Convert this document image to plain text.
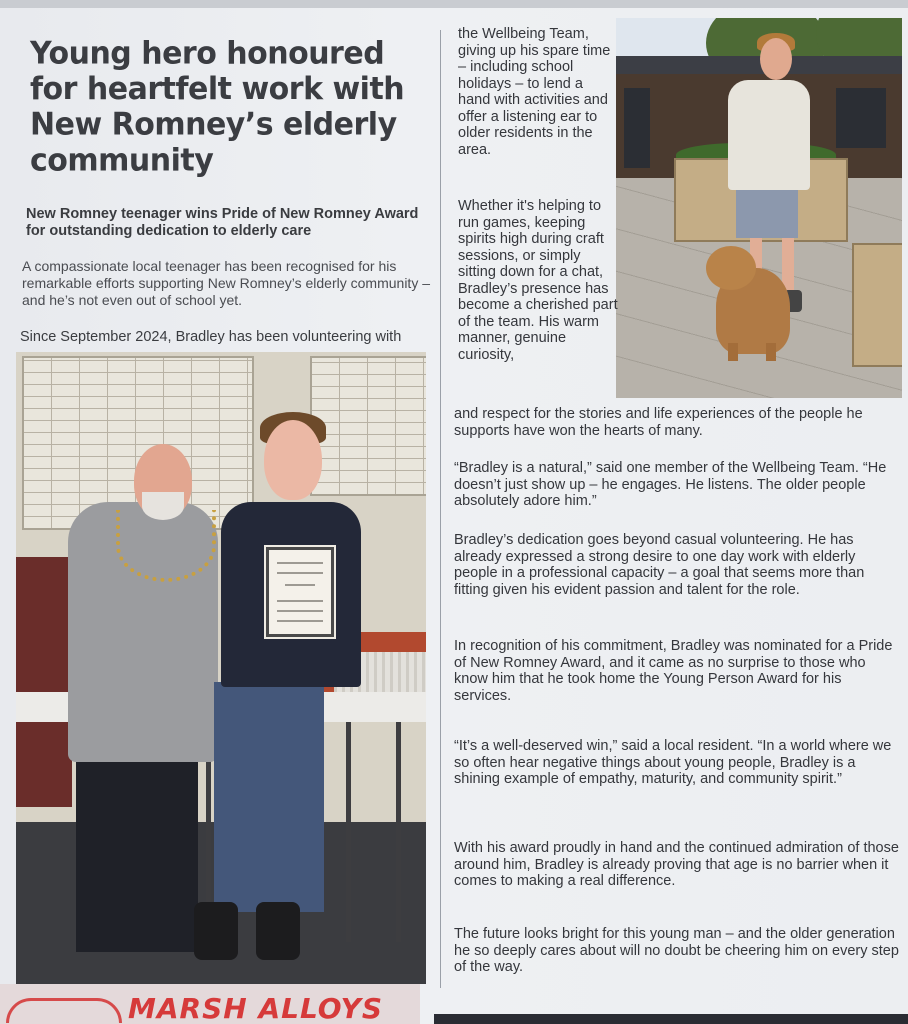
Young hero honoured for heartfelt work with New Romney’s elderly community
New Romney teenager wins Pride of New Romney Award for outstanding dedication to elderly care
A compassionate local teenager has been recognised for his remarkable efforts supporting New Romney’s elderly community – and he’s not even out of school yet.
Since September 2024, Bradley has been volunteering with

the Wellbeing Team, giving up his spare time – including school holidays – to lend a hand with activities and offer a listening ear to older residents in the area.

Whether it's helping to run games, keeping spirits high during craft sessions, or simply sitting down for a chat, Bradley’s presence has become a cherished part of the team. His warm manner, genuine curiosity,

and respect for the stories and life experiences of the people he supports have won the hearts of many.

“Bradley is a natural,” said one member of the Wellbeing Team. “He doesn’t just show up – he engages. He listens. The older people absolutely adore him.”

Bradley’s dedication goes beyond casual volunteering. He has already expressed a strong desire to one day work with elderly people in a professional capacity – a goal that seems more than fitting given his evident passion and talent for the role.

In recognition of his commitment, Bradley was nominated for a Pride of New Romney Award, and it came as no surprise to those who know him that he took home the Young Person Award for his services.

“It’s a well-deserved win,” said a local resident. “In a world where we so often hear negative things about young people, Bradley is a shining example of empathy, maturity, and community spirit.”

With his award proudly in hand and the continued admiration of those around him, Bradley is already proving that age is no barrier when it comes to making a real difference.

The future looks bright for this young man – and the older generation he so deeply cares about will no doubt be cheering him on every step of the way.

MARSH ALLOYS
